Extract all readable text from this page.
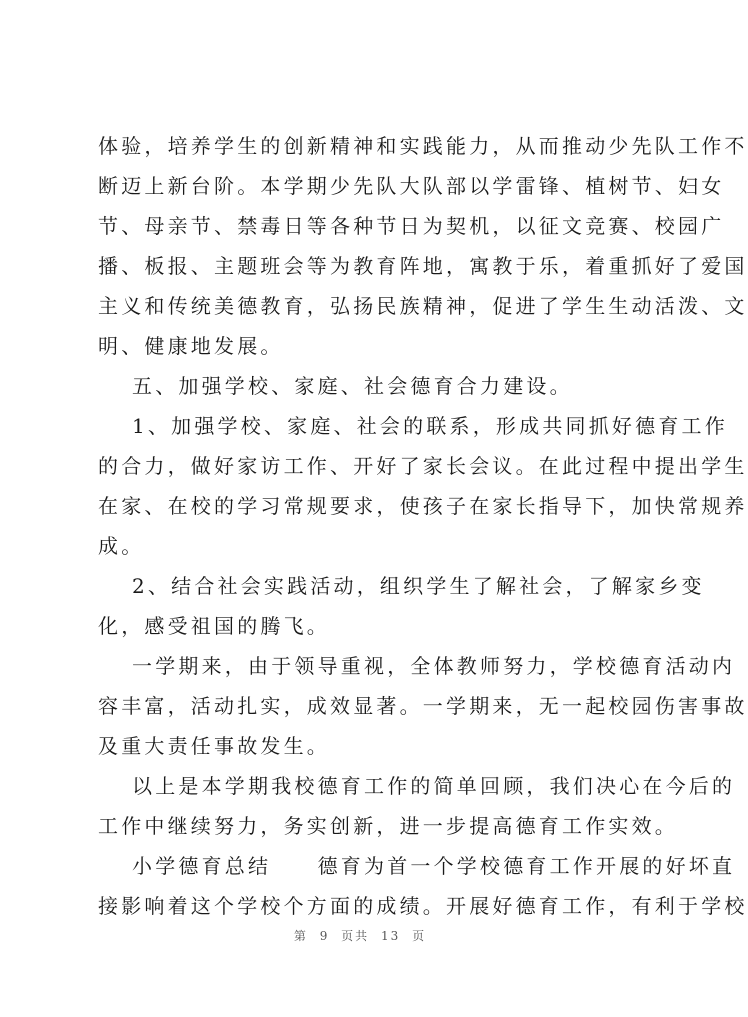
体验，培养学生的创新精神和实践能力，从而推动少先队工作不
断迈上新台阶。本学期少先队大队部以学雷锋、植树节、妇女
节、母亲节、禁毒日等各种节日为契机，以征文竞赛、校园广
播、板报、主题班会等为教育阵地，寓教于乐，着重抓好了爱国
主义和传统美德教育，弘扬民族精神，促进了学生生动活泼、文
明、健康地发展。
五、加强学校、家庭、社会德育合力建设。
1、加强学校、家庭、社会的联系，形成共同抓好德育工作
的合力，做好家访工作、开好了家长会议。在此过程中提出学生
在家、在校的学习常规要求，使孩子在家长指导下，加快常规养
成。
2、结合社会实践活动，组织学生了解社会，了解家乡变
化，感受祖国的腾飞。
一学期来，由于领导重视，全体教师努力，学校德育活动内
容丰富，活动扎实，成效显著。一学期来，无一起校园伤害事故
及重大责任事故发生。
以上是本学期我校德育工作的简单回顾，我们决心在今后的
工作中继续努力，务实创新，进一步提高德育工作实效。
小学德育总结　　德育为首一个学校德育工作开展的好坏直
接影响着这个学校个方面的成绩。开展好德育工作，有利于学校
第 9 页共 13 页
